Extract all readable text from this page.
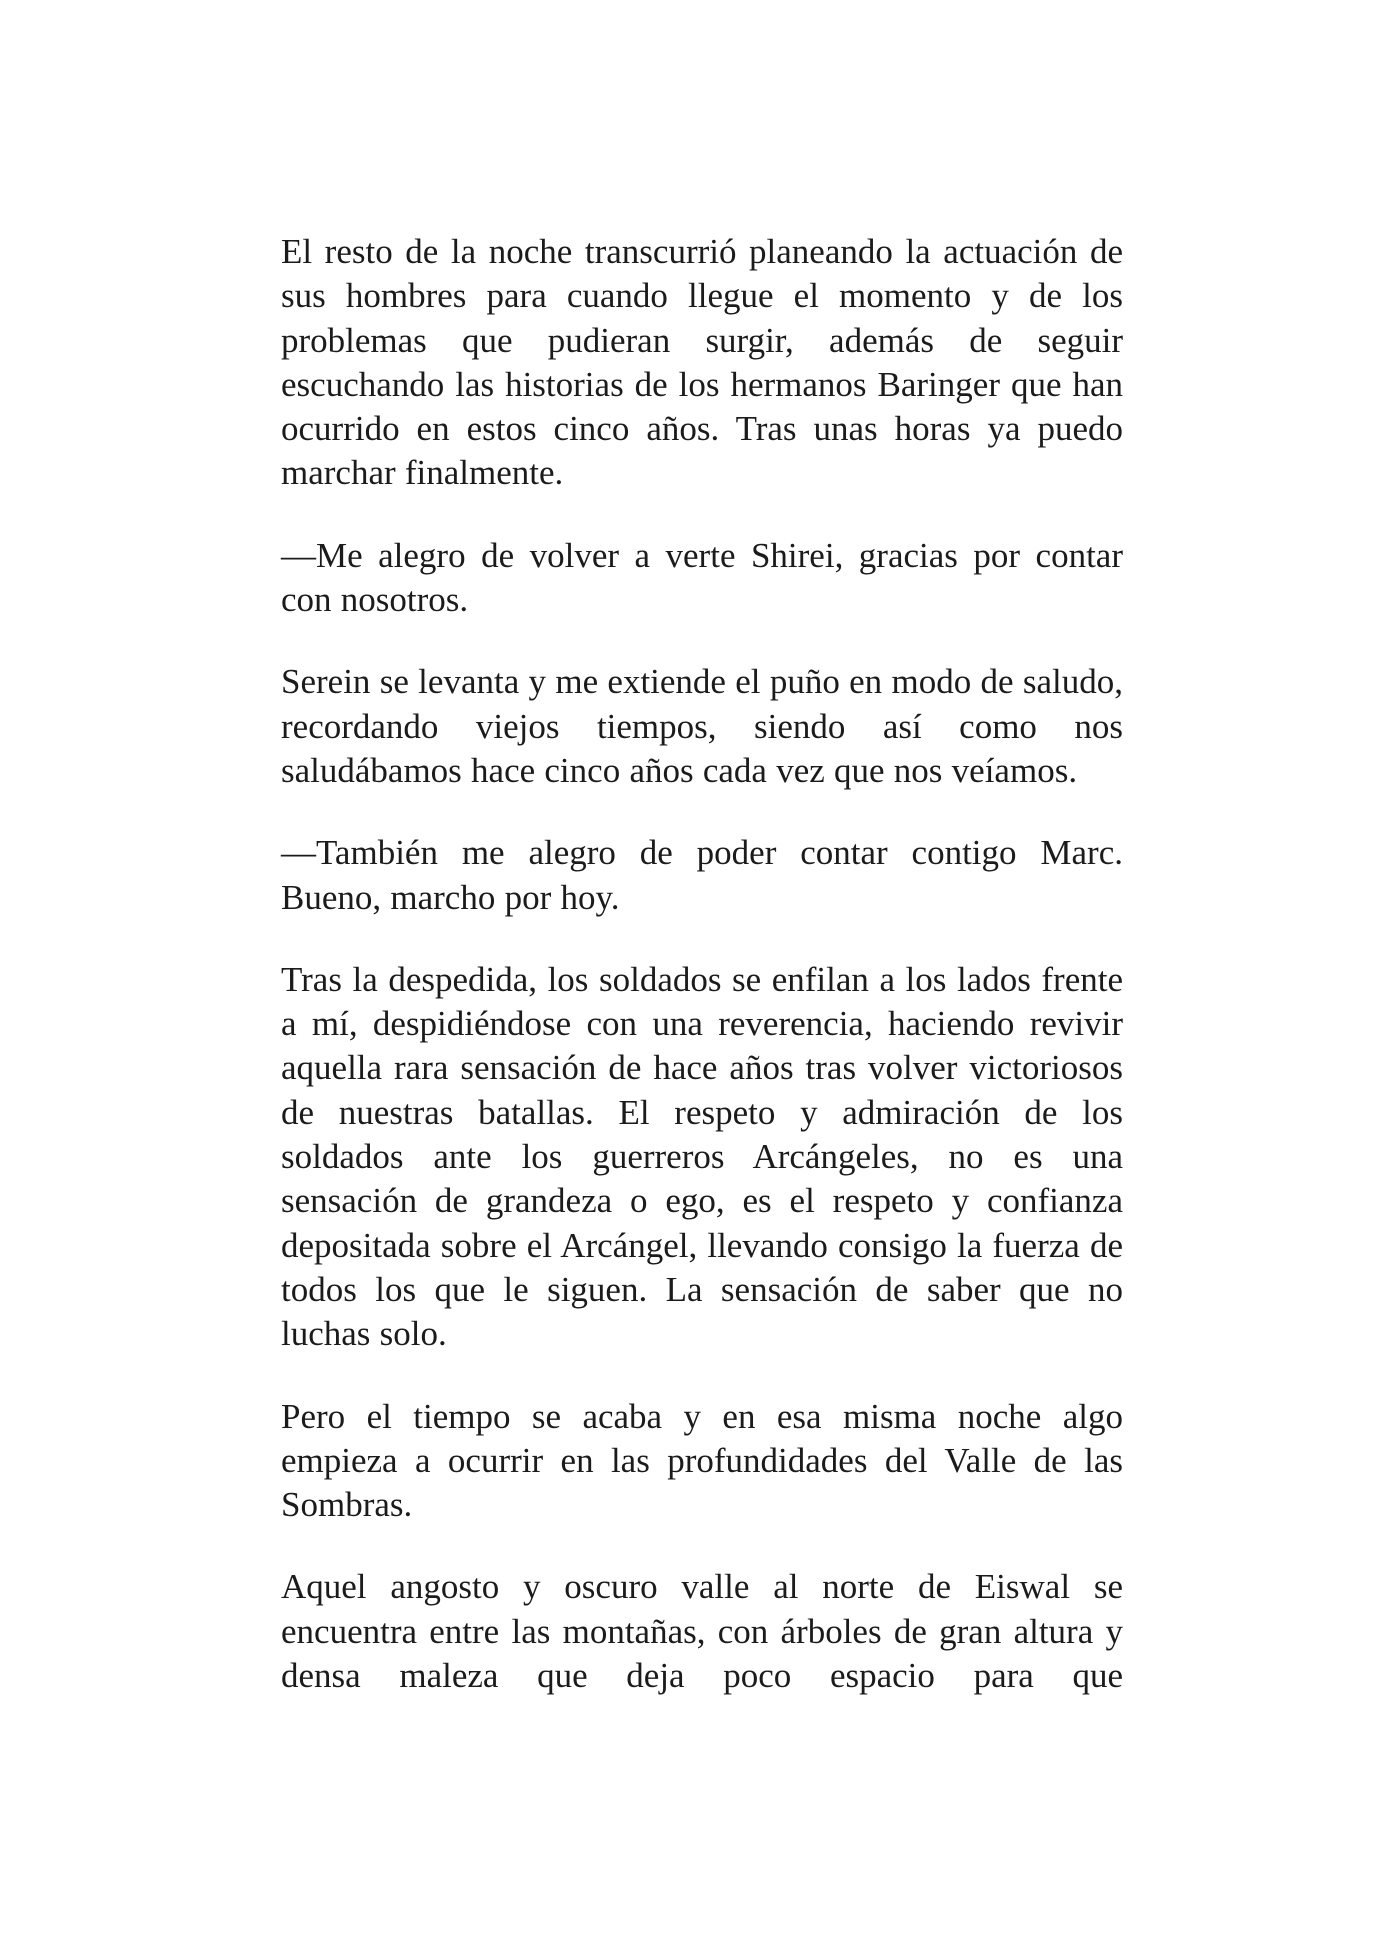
El resto de la noche transcurrió planeando la actuación de sus hombres para cuando llegue el momento y de los problemas que pudieran surgir, además de seguir escuchando las historias de los hermanos Baringer que han ocurrido en estos cinco años. Tras unas horas ya puedo marchar finalmente.

—Me alegro de volver a verte Shirei, gracias por contar con nosotros.

Serein se levanta y me extiende el puño en modo de saludo, recordando viejos tiempos, siendo así como nos saludábamos hace cinco años cada vez que nos veíamos.

—También me alegro de poder contar contigo Marc. Bueno, marcho por hoy.

Tras la despedida, los soldados se enfilan a los lados frente a mí, despidiéndose con una reverencia, haciendo revivir aquella rara sensación de hace años tras volver victoriosos de nuestras batallas. El respeto y admiración de los soldados ante los guerreros Arcángeles, no es una sensación de grandeza o ego, es el respeto y confianza depositada sobre el Arcángel, llevando consigo la fuerza de todos los que le siguen. La sensación de saber que no luchas solo.

Pero el tiempo se acaba y en esa misma noche algo empieza a ocurrir en las profundidades del Valle de las Sombras.

Aquel angosto y oscuro valle al norte de Eiswal se encuentra entre las montañas, con árboles de gran altura y densa maleza que deja poco espacio para que
